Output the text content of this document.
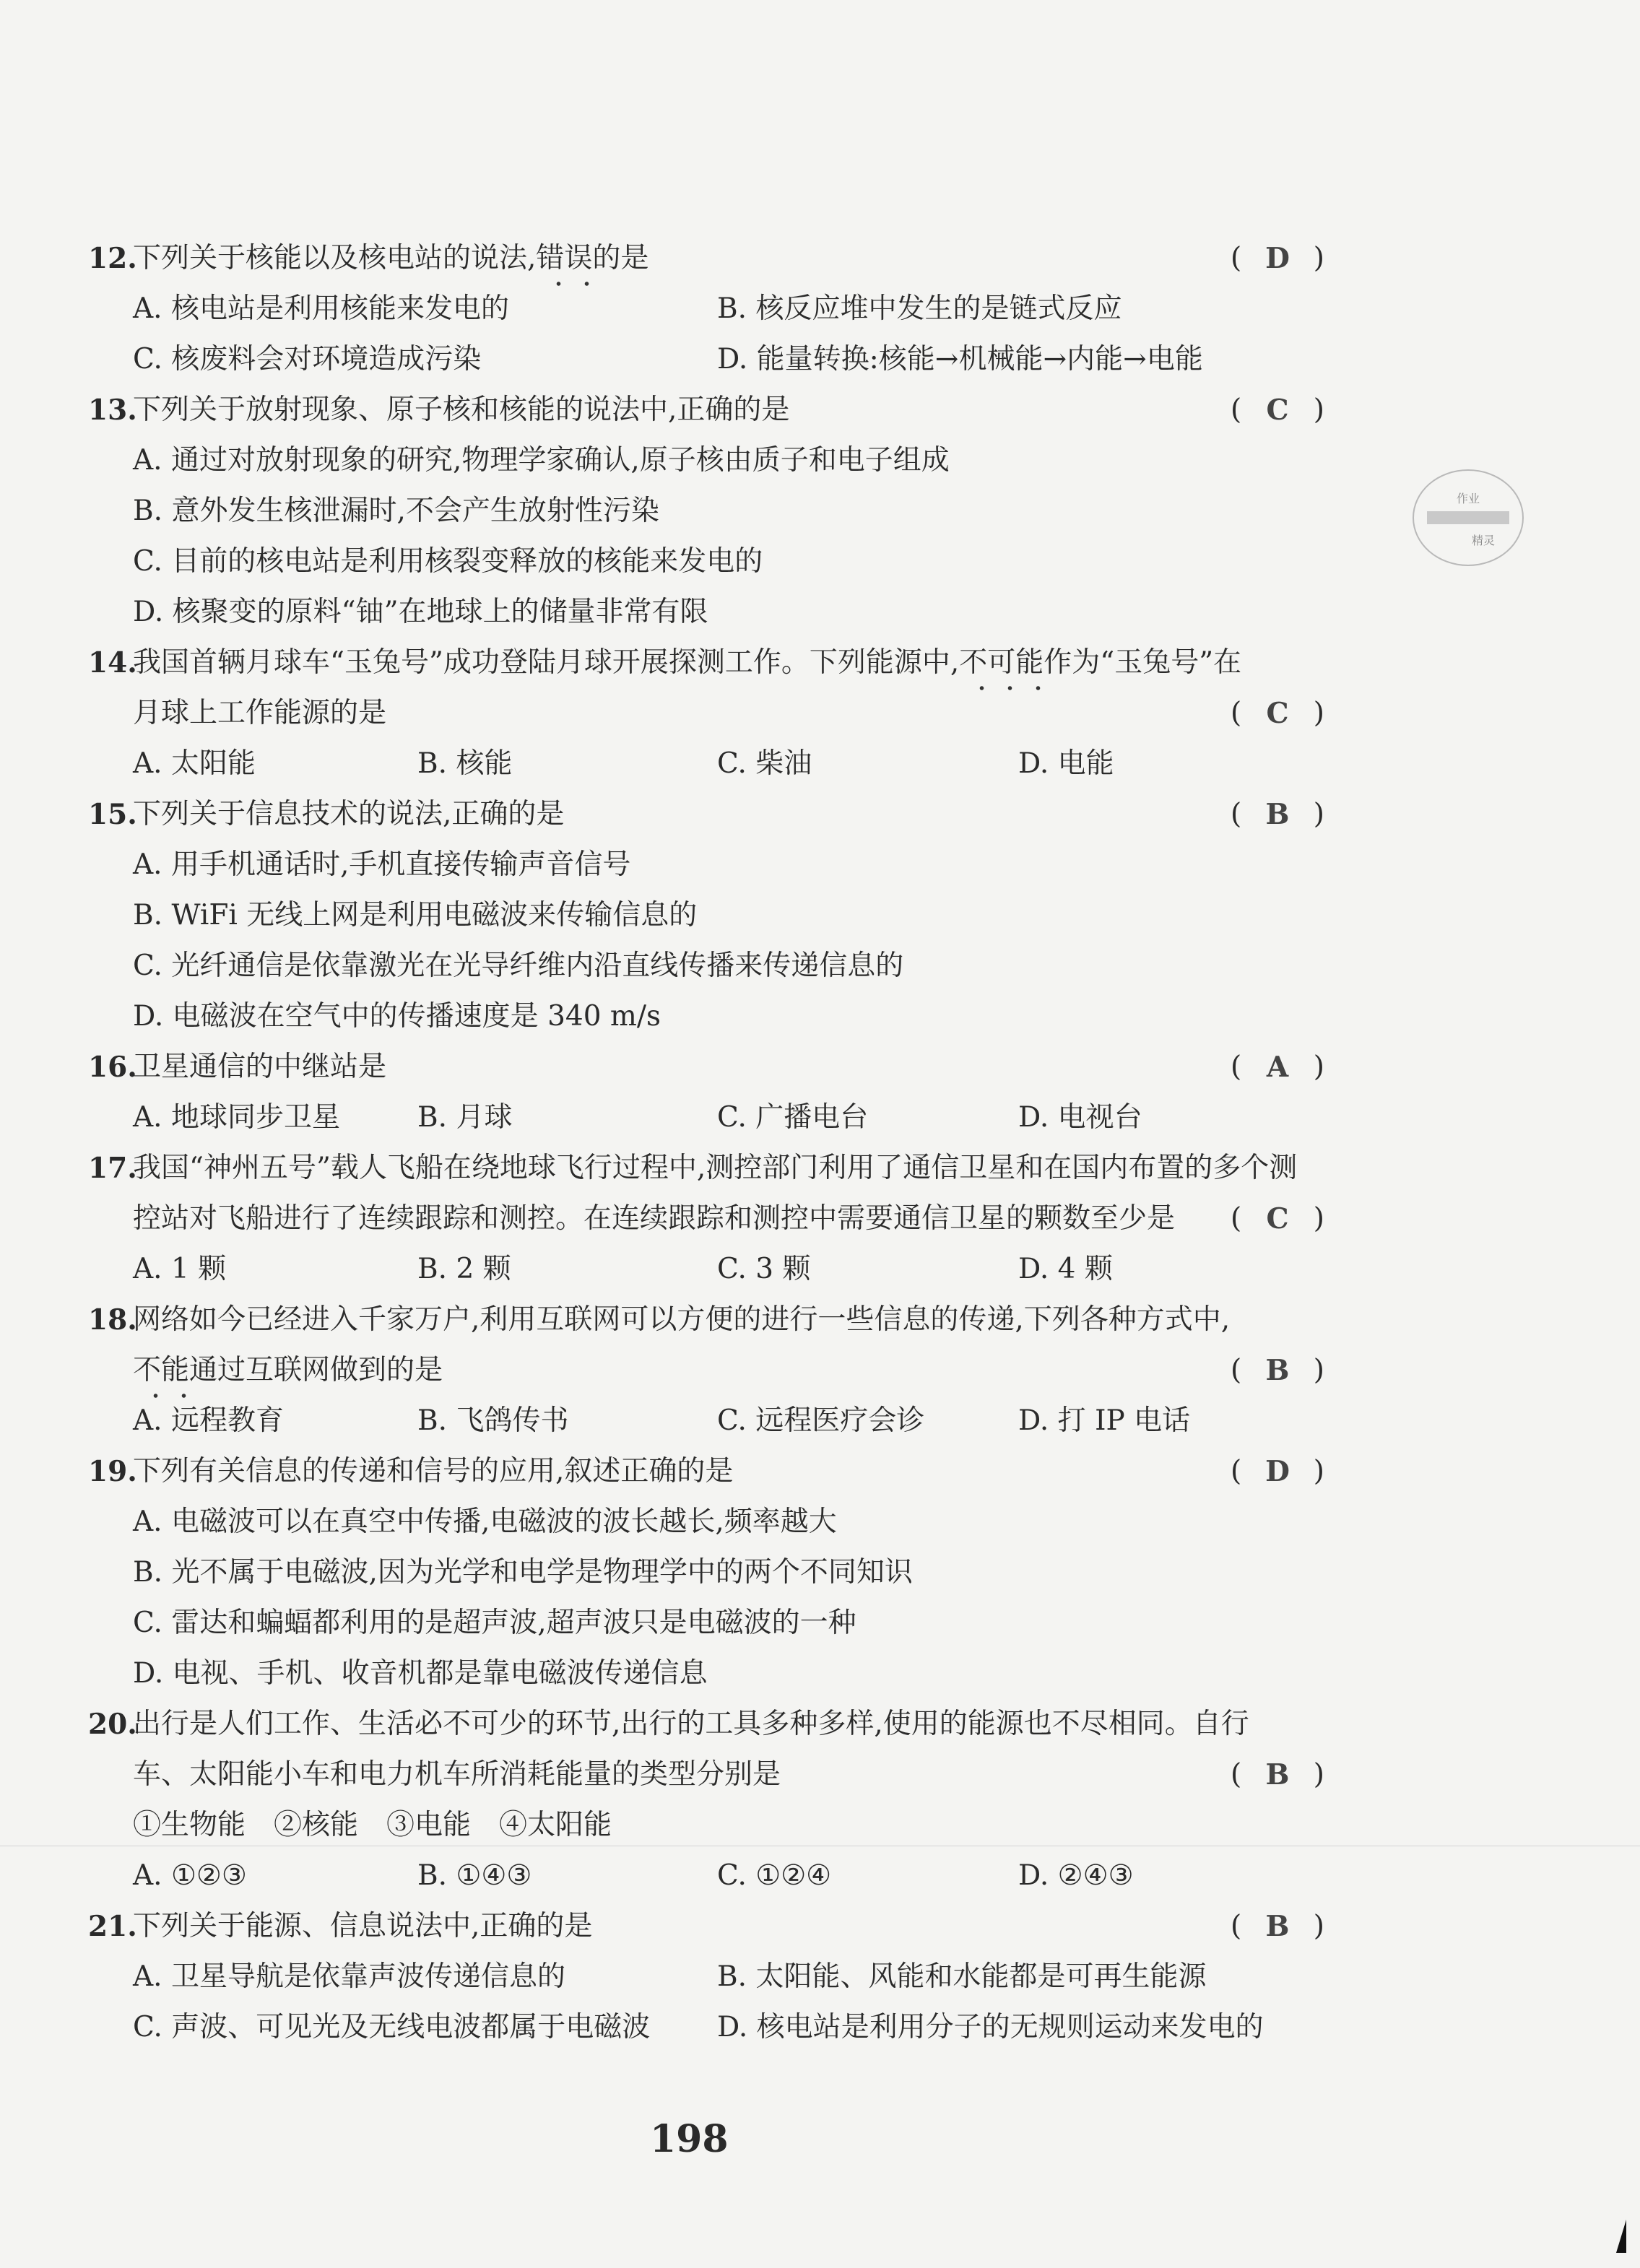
12.
下列关于核能以及核电站的说法,错误的是	( D )
A. 核电站是利用核能来发电的	B. 核反应堆中发生的是链式反应
C. 核废料会对环境造成污染	D. 能量转换:核能→机械能→内能→电能
13.
下列关于放射现象、原子核和核能的说法中,正确的是	( C )
A. 通过对放射现象的研究,物理学家确认,原子核由质子和电子组成
B. 意外发生核泄漏时,不会产生放射性污染
C. 目前的核电站是利用核裂变释放的核能来发电的
D. 核聚变的原料“铀”在地球上的储量非常有限
14.
我国首辆月球车“玉兔号”成功登陆月球开展探测工作。下列能源中,不可能作为“玉兔号”在
月球上工作能源的是	( C )
A. 太阳能	B. 核能	C. 柴油	D. 电能
15.
下列关于信息技术的说法,正确的是	( B )
A. 用手机通话时,手机直接传输声音信号
B. WiFi 无线上网是利用电磁波来传输信息的
C. 光纤通信是依靠激光在光导纤维内沿直线传播来传递信息的
D. 电磁波在空气中的传播速度是 340 m/s
16.
卫星通信的中继站是	( A )
A. 地球同步卫星	B. 月球	C. 广播电台	D. 电视台
17.
我国“神州五号”载人飞船在绕地球飞行过程中,测控部门利用了通信卫星和在国内布置的多个测
控站对飞船进行了连续跟踪和测控。在连续跟踪和测控中需要通信卫星的颗数至少是 ( C )
A. 1 颗	B. 2 颗	C. 3 颗	D. 4 颗
18.
网络如今已经进入千家万户,利用互联网可以方便的进行一些信息的传递,下列各种方式中,
不能通过互联网做到的是	( B )
A. 远程教育	B. 飞鸽传书	C. 远程医疗会诊	D. 打 IP 电话
19.
下列有关信息的传递和信号的应用,叙述正确的是	( D )
A. 电磁波可以在真空中传播,电磁波的波长越长,频率越大
B. 光不属于电磁波,因为光学和电学是物理学中的两个不同知识
C. 雷达和蝙蝠都利用的是超声波,超声波只是电磁波的一种
D. 电视、手机、收音机都是靠电磁波传递信息
20.
出行是人们工作、生活必不可少的环节,出行的工具多种多样,使用的能源也不尽相同。自行
车、太阳能小车和电力机车所消耗能量的类型分别是	( B )
①生物能　②核能　③电能　④太阳能
A. ①②③	B. ①④③	C. ①②④	D. ②④③
21.
下列关于能源、信息说法中,正确的是	( B )
A. 卫星导航是依靠声波传递信息的	B. 太阳能、风能和水能都是可再生能源
C. 声波、可见光及无线电波都属于电磁波 D. 核电站是利用分子的无规则运动来发电的
作业
精灵
198
